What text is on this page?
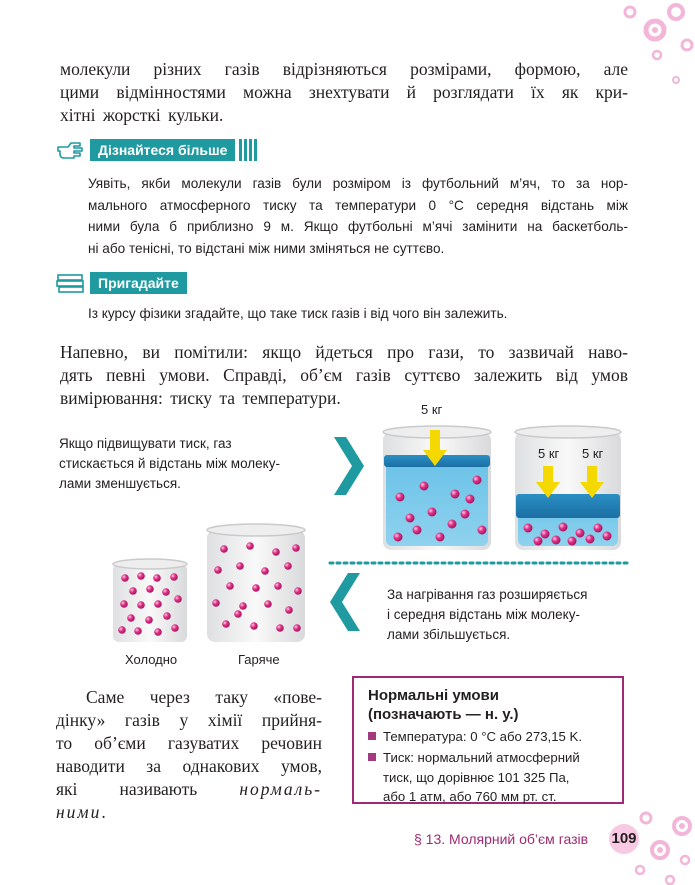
молекули різних газів відрізняються розмірами, формою, але
цими відмінностями можна знехтувати й розглядати їх як кри-
хітні жорсткі кульки.
Дізнайтеся більше
Уявіть, якби молекули газів були розміром із футбольний м’яч, то за нор-
мального атмосферного тиску та температури 0 °C середня відстань між
ними була б приблизно 9 м. Якщо футбольні м’ячі замінити на баскетболь-
ні або тенісні, то відстані між ними зміняться не суттєво.
Пригадайте
Із курсу фізики згадайте, що таке тиск газів і від чого він залежить.
Напевно, ви помітили: якщо йдеться про гази, то зазвичай наво-
дять певні умови. Справді, об’єм газів суттєво залежить від умов
вимірювання: тиску та температури.
5 кг
5 кг 5 кг
Якщо підвищувати тиск, газ
стискається й відстань між молеку-
лами зменшується.
За нагрівання газ розширяється
і середня відстань між молеку-
лами збільшується.
Холодно	Гаряче
Саме через таку «пове-
дінку» газів у хімії прийня-
то об’єми газуватих речовин
наводити за однакових умов,
які називають нормаль-
ними.
Нормальні умови
(позначають — н. у.)
Температура: 0 °C або 273,15 K.
Тиск: нормальний атмосферний
тиск, що дорівнює 101 325 Па,
або 1 атм, або 760 мм рт. ст.
§ 13. Молярний об’єм газів 109
